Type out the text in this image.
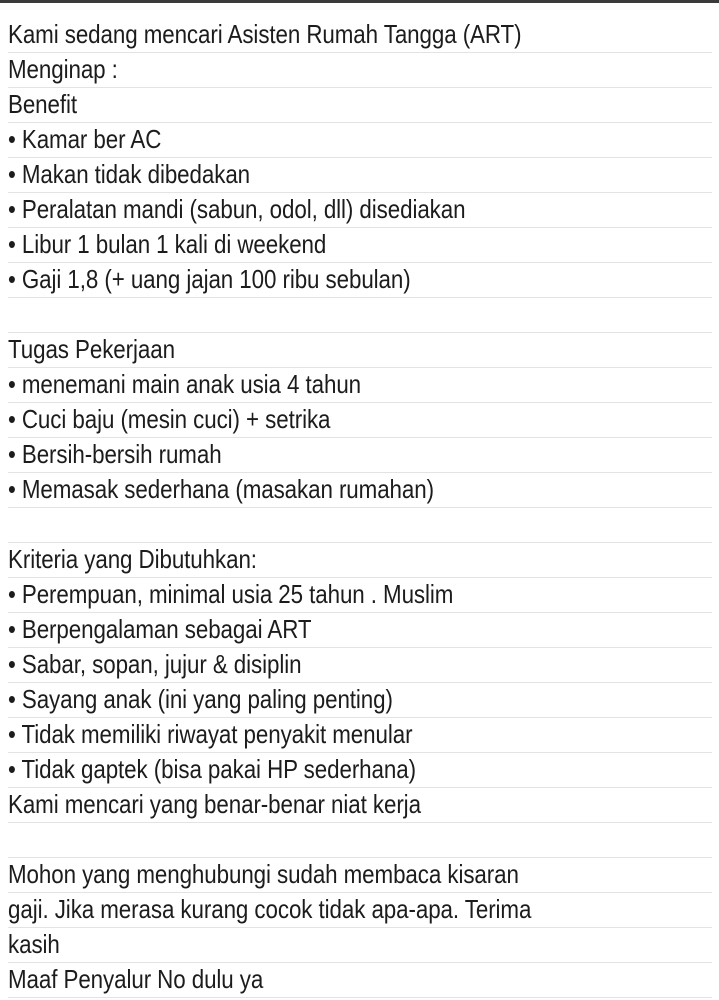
Kami sedang mencari Asisten Rumah Tangga (ART)
Menginap :
Benefit
• Kamar ber AC
• Makan tidak dibedakan
• Peralatan mandi (sabun, odol, dll) disediakan
• Libur 1 bulan 1 kali di weekend
• Gaji 1,8 (+ uang jajan 100 ribu sebulan)
Tugas Pekerjaan
• menemani main anak usia 4 tahun
• Cuci baju (mesin cuci) + setrika
• Bersih-bersih rumah
• Memasak sederhana (masakan rumahan)
Kriteria yang Dibutuhkan:
• Perempuan, minimal usia 25 tahun . Muslim
• Berpengalaman sebagai ART
• Sabar, sopan, jujur & disiplin
• Sayang anak (ini yang paling penting)
• Tidak memiliki riwayat penyakit menular
• Tidak gaptek (bisa pakai HP sederhana)
Kami mencari yang benar-benar niat kerja
Mohon yang menghubungi sudah membaca kisaran
gaji. Jika merasa kurang cocok tidak apa-apa. Terima
kasih
Maaf Penyalur No dulu ya
